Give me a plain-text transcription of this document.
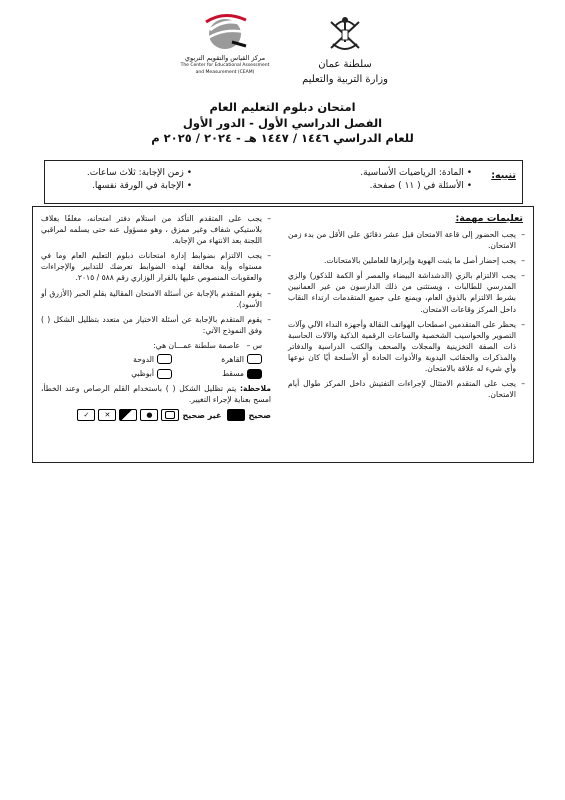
سلطنة عمان
وزارة التربية والتعليم
مركز القياس والتقويم التربوي
The Center for Educational Assessment
and Measurement (CEAM)
امتحان دبلوم التعليم العام
الفصل الدراسي الأول - الدور الأول
للعام الدراسي ١٤٤٦ / ١٤٤٧ هـ - ٢٠٢٤ / ٢٠٢٥ م
تنبيه:
• المادة: الرياضيات الأساسية.
• الأسئلة في ( ١١ ) صفحة.
• زمن الإجابة: ثلاث ساعات.
• الإجابة في الورقة نفسها.
تعليمات مهمة:
– يجب الحضور إلى قاعة الامتحان قبل عشر دقائق على الأقل من بدء زمن الامتحان.
– يجب إحضار أصل ما يثبت الهوية وإبرازها للعاملين بالامتحانات.
– يجب الالتزام بالزي (الدشداشة البيضاء والمصر أو الكمة للذكور) والزي المدرسي للطالبات ، ويستثنى من ذلك الدارسون من غير العمانيين بشرط الالتزام بالذوق العام، ويمنع على جميع المتقدمات ارتداء النقاب داخل المركز وقاعات الامتحان.
– يحظر على المتقدمين اصطحاب الهواتف النقالة وأجهزة النداء الآلي وآلات التصوير والحواسيب الشخصية والساعات الرقمية الذكية والآلات الحاسبة ذات الصفة التخزينية والمجلات والصحف والكتب الدراسية والدفاتر والمذكرات والحقائب اليدوية والأدوات الحادة أو الأسلحة أيًا كان نوعها وأي شيء له علاقة بالامتحان.
– يجب على المتقدم الامتثال لإجراءات التفتيش داخل المركز طوال أيام الامتحان.
– يجب على المتقدم التأكد من استلام دفتر امتحانه، مغلفًا بغلاف بلاستيكي شفاف وغير ممزق ، وهو مسؤول عنه حتى يسلمه لمراقبي اللجنة بعد الانتهاء من الإجابة.
– يجب الالتزام بضوابط إدارة امتحانات دبلوم التعليم العام وما في مستواه وأية مخالفة لهذه الضوابط تعرضك للتدابير والإجراءات والعقوبات المنصوص عليها بالقرار الوزاري رقم ٥٨٨ / ٢٠١٥.
– يقوم المتقدم بالإجابة عن أسئلة الامتحان المقالية بقلم الحبر (الأزرق أو الأسود).
– يقوم المتقدم بالإجابة عن أسئلة الاختيار من متعدد بتظليل الشكل ( ) وفق النموذج الآتي:
س – عاصمة سلطنة عمـــان هي:
القاهرة
الدوحة
مسقط
أبوظبي
ملاحظة: يتم تظليل الشكل ( ) باستخدام القلم الرصاص وعند الخطأ، امسح بعناية لإجراء التغيير.
صحيح
غير صحيح
●
✕
✓
